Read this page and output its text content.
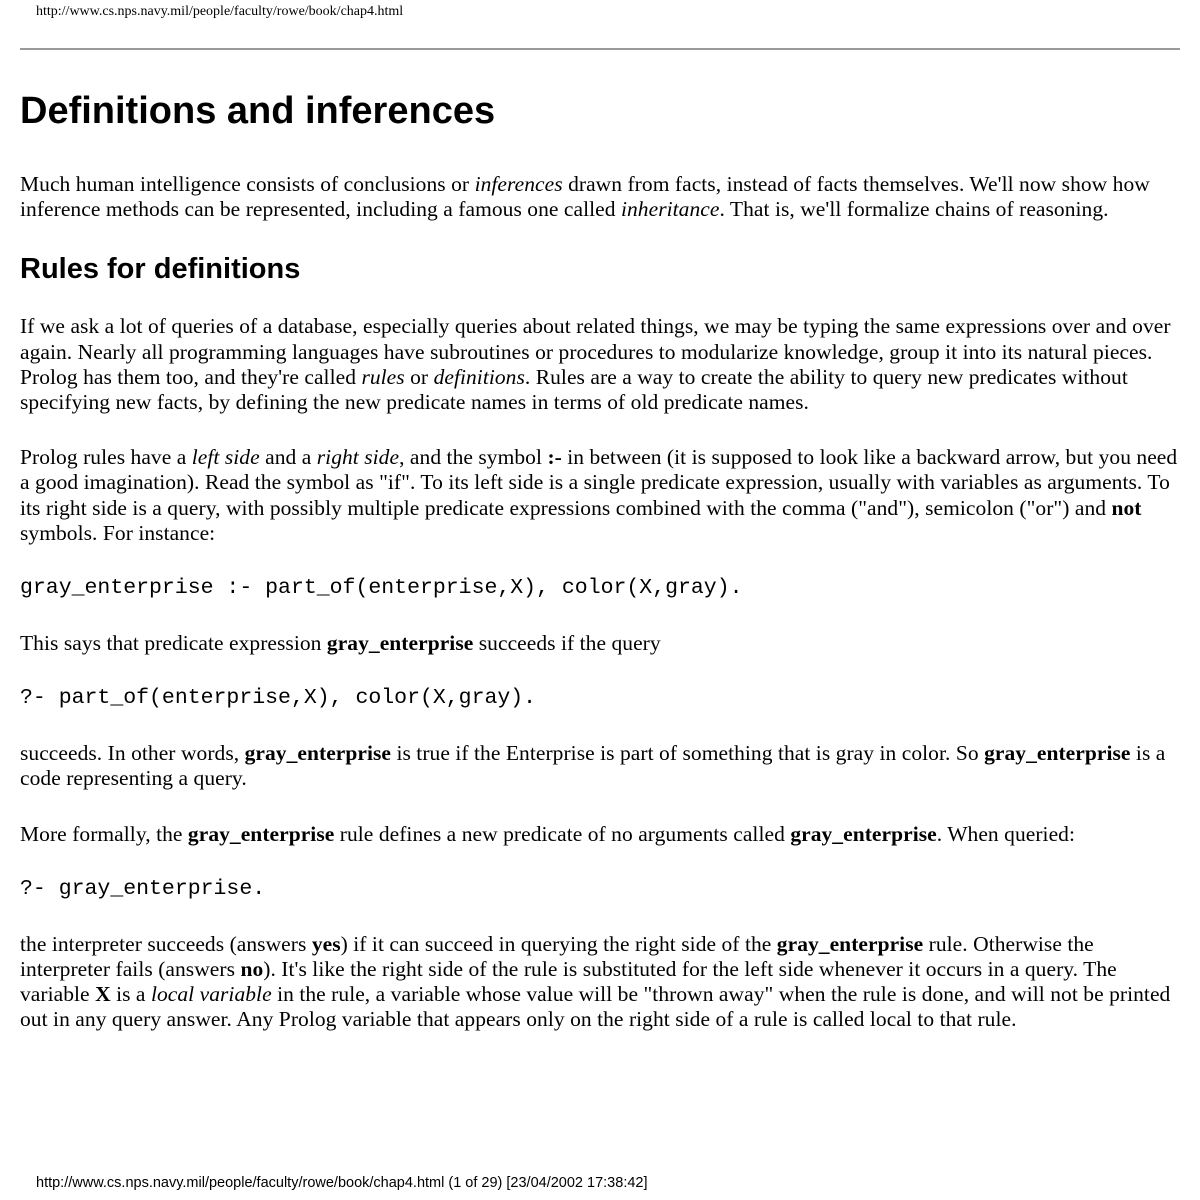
http://www.cs.nps.navy.mil/people/faculty/rowe/book/chap4.html
Definitions and inferences

Much human intelligence consists of conclusions or inferences drawn from facts, instead of facts themselves. We'll now show how inference methods can be represented, including a famous one called inheritance. That is, we'll formalize chains of reasoning.

Rules for definitions

If we ask a lot of queries of a database, especially queries about related things, we may be typing the same expressions over and over again. Nearly all programming languages have subroutines or procedures to modularize knowledge, group it into its natural pieces. Prolog has them too, and they're called rules or definitions. Rules are a way to create the ability to query new predicates without specifying new facts, by defining the new predicate names in terms of old predicate names.

Prolog rules have a left side and a right side, and the symbol :- in between (it is supposed to look like a backward arrow, but you need a good imagination). Read the symbol as "if". To its left side is a single predicate expression, usually with variables as arguments. To its right side is a query, with possibly multiple predicate expressions combined with the comma ("and"), semicolon ("or") and not symbols. For instance:

gray_enterprise :- part_of(enterprise,X), color(X,gray).

This says that predicate expression gray_enterprise succeeds if the query

?- part_of(enterprise,X), color(X,gray).

succeeds. In other words, gray_enterprise is true if the Enterprise is part of something that is gray in color. So gray_enterprise is a code representing a query.

More formally, the gray_enterprise rule defines a new predicate of no arguments called gray_enterprise. When queried:

?- gray_enterprise.

the interpreter succeeds (answers yes) if it can succeed in querying the right side of the gray_enterprise rule. Otherwise the interpreter fails (answers no). It's like the right side of the rule is substituted for the left side whenever it occurs in a query. The variable X is a local variable in the rule, a variable whose value will be "thrown away" when the rule is done, and will not be printed out in any query answer. Any Prolog variable that appears only on the right side of a rule is called local to that rule.

http://www.cs.nps.navy.mil/people/faculty/rowe/book/chap4.html (1 of 29) [23/04/2002 17:38:42]
